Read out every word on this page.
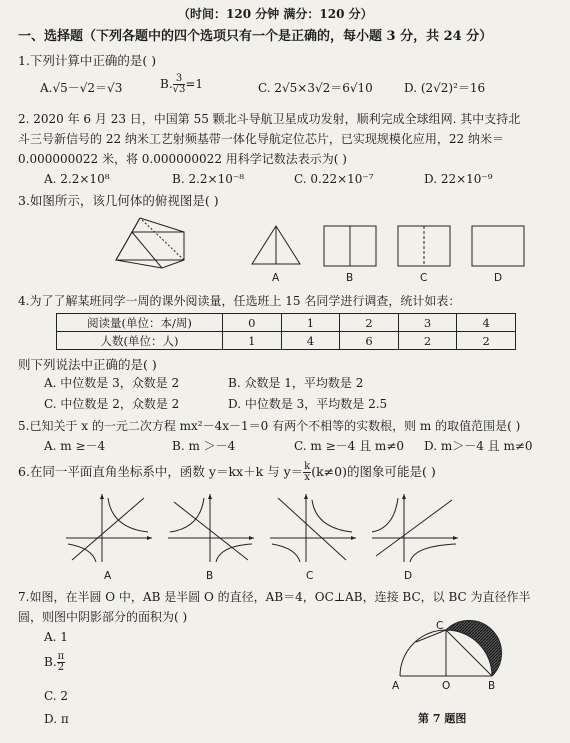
（时间：120 分钟 满分：120 分）
一、选择题（下列各题中的四个选项只有一个是正确的，每小题 3 分，共 24 分）
1.下列计算中正确的是( )
A.√5－√2＝√3	B. $\frac{3}{√3} =1$	C. 2√5×3√2＝6√10	D. (2√2)²＝16
2. 2020 年 6 月 23 日，中国第 55 颗北斗导航卫星成功发射，顺利完成全球组网. 其中支持北
斗三号新信号的 22 纳米工艺射频基带一体化导航定位芯片，已实现规模化应用，22 纳米＝
0.000000022 米，将 0.000000022 用科学记数法表示为( )
A. 2.2×10⁸	B. 2.2×10⁻⁸	C. 0.22×10⁻⁷	D. 22×10⁻⁹
3.如图所示，该几何体的俯视图是( )
A	B	C	D
4.为了了解某班同学一周的课外阅读量，任选班上 15 名同学进行调查，统计如表：
阅读量(单位：本/周)	0	1	2	3	4
人数(单位：人)	1	4	6	2	2
则下列说法中正确的是( )
A. 中位数是 3，众数是 2	B. 众数是 1，平均数是 2
C. 中位数是 2，众数是 2	D. 中位数是 3，平均数是 2.5
5.已知关于 x 的一元二次方程 mx²－4x－1＝0 有两个不相等的实数根，则 m 的取值范围是( )
A. m ≥－4	B. m ＞－4	C. m ≥－4 且 m≠0 D. m＞－4 且 m≠0
6.在同一平面直角坐标系中，函数 y＝kx＋k 与 $y= \frac{k}{x} (k\ne 0)$的图象可能是( )
A	B	C	D
7.如图，在半圆 O 中，AB 是半圆 O 的直径，AB＝4，OC⊥AB，连接 BC，以 BC 为直径作半
圆，则图中阴影部分的面积为( )
A. 1
B. $\frac{\pi}{2}$
C. 2
D. π
A	O	B
C
第 7 题图
